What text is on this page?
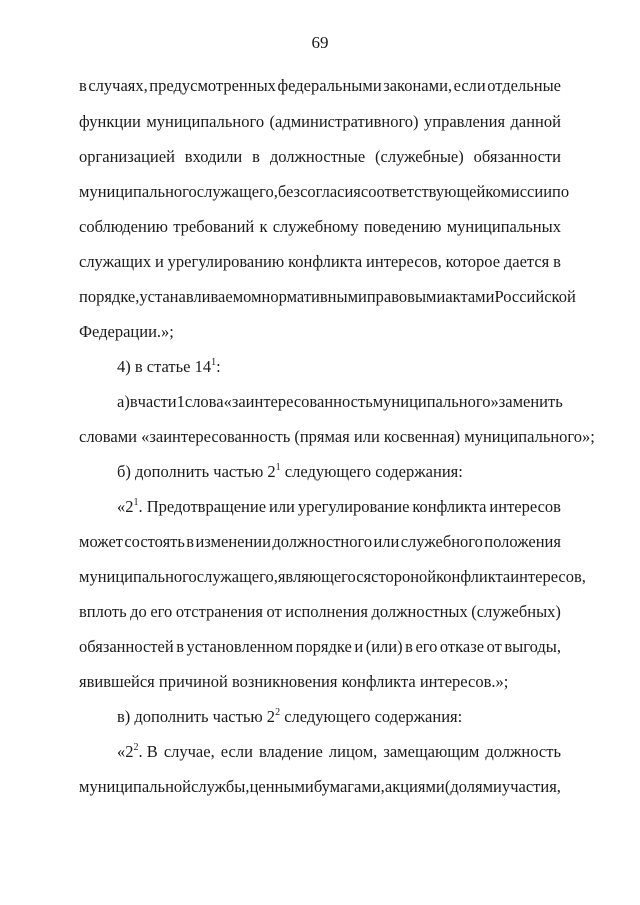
69
в случаях, предусмотренных федеральными законами, если отдельные
функции муниципального (административного) управления данной
организацией входили в должностные (служебные) обязанности
муниципального служащего, без согласия соответствующей комиссии по
соблюдению требований к служебному поведению муниципальных
служащих и урегулированию конфликта интересов, которое дается в
порядке, устанавливаемом нормативными правовыми актами Российской
Федерации.»;
4) в статье $14^1$:
а) в части 1 слова «заинтересованность муниципального» заменить
словами «заинтересованность (прямая или косвенная) муниципального»;
б) дополнить частью $2^1$ следующего содержания:
«$2^1$. Предотвращение или урегулирование конфликта интересов
может состоять в изменении должностного или служебного положения
муниципального служащего, являющегося стороной конфликта интересов,
вплоть до его отстранения от исполнения должностных (служебных)
обязанностей в установленном порядке и (или) в его отказе от выгоды,
явившейся причиной возникновения конфликта интересов.»;
в) дополнить частью $2^2$ следующего содержания:
«$2^2$. В случае, если владение лицом, замещающим должность
муниципальной службы, ценными бумагами, акциями (долями участия,
